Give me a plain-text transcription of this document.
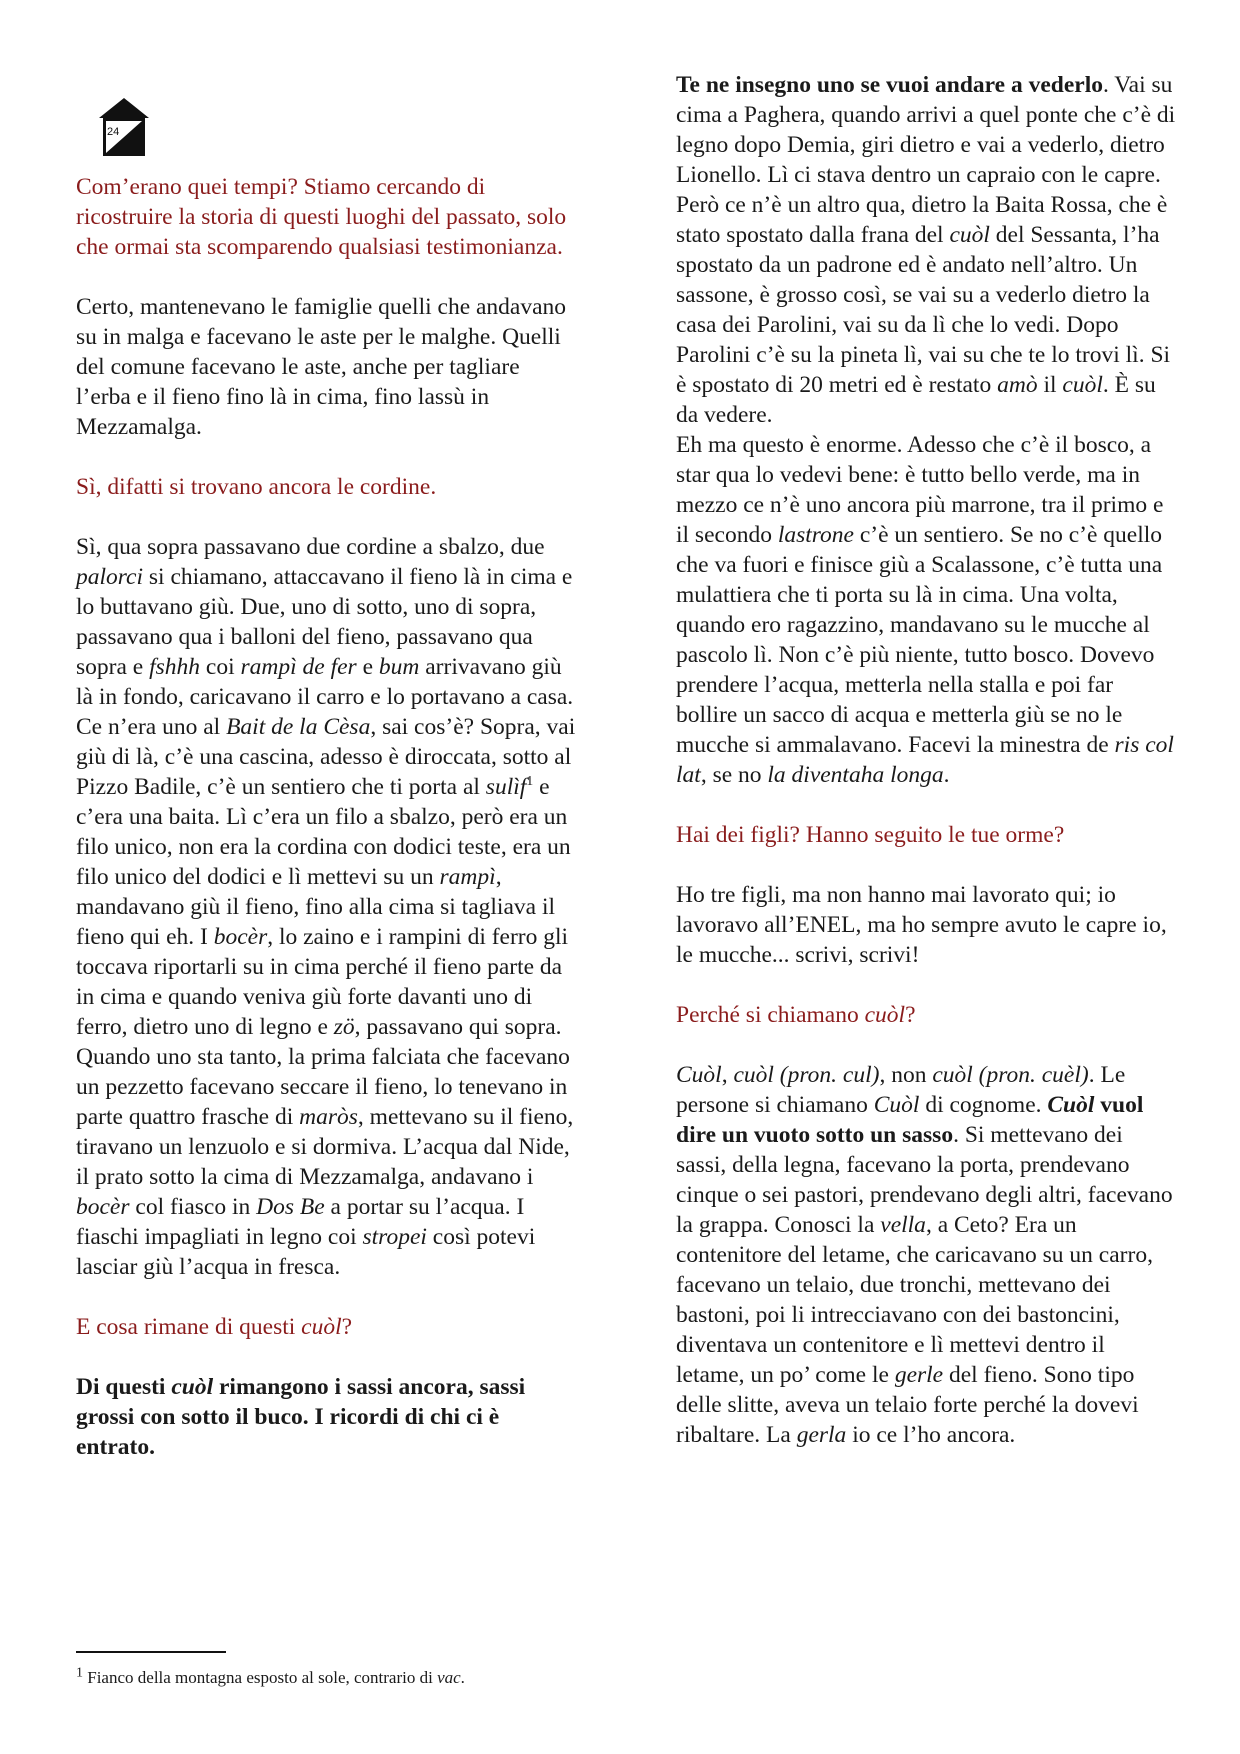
24

Com’erano quei tempi? Stiamo cercando di ricostruire la storia di questi luoghi del passato, solo che ormai sta scomparendo qualsiasi testimonianza.

Certo, mantenevano le famiglie quelli che andavano su in malga e facevano le aste per le malghe. Quelli del comune facevano le aste, anche per tagliare l’erba e il fieno fino là in cima, fino lassù in Mezzamalga.

Sì, difatti si trovano ancora le cordine.

Sì, qua sopra passavano due cordine a sbalzo, due palorci si chiamano, attaccavano il fieno là in cima e lo buttavano giù. Due, uno di sotto, uno di sopra, passavano qua i balloni del fieno, passavano qua sopra e fshhh coi rampì de fer e bum arrivavano giù là in fondo, caricavano il carro e lo portavano a casa. Ce n’era uno al Bait de la Cèsa, sai cos’è? Sopra, vai giù di là, c’è una cascina, adesso è diroccata, sotto al Pizzo Badile, c’è un sentiero che ti porta al sulìf$^1$ e c’era una baita. Lì c’era un filo a sbalzo, però era un filo unico, non era la cordina con dodici teste, era un filo unico del dodici e lì mettevi su un rampì, mandavano giù il fieno, fino alla cima si tagliava il fieno qui eh. I bocèr, lo zaino e i rampini di ferro gli toccava riportarli su in cima perché il fieno parte da in cima e quando veniva giù forte davanti uno di ferro, dietro uno di legno e zö, passavano qui sopra.

Quando uno sta tanto, la prima falciata che facevano un pezzetto facevano seccare il fieno, lo tenevano in parte quattro frasche di maròs, mettevano su il fieno, tiravano un lenzuolo e si dormiva. L’acqua dal Nide, il prato sotto la cima di Mezzamalga, andavano i bocèr col fiasco in Dos Be a portar su l’acqua. I fiaschi impagliati in legno coi stropei così potevi lasciar giù l’acqua in fresca.

E cosa rimane di questi cuòl?

Di questi cuòl rimangono i sassi ancora, sassi grossi con sotto il buco. I ricordi di chi ci è entrato.

Te ne insegno uno se vuoi andare a vederlo. Vai su cima a Paghera, quando arrivi a quel ponte che c’è di legno dopo Demia, giri dietro e vai a vederlo, dietro Lionello. Lì ci stava dentro un capraio con le capre.

Però ce n’è un altro qua, dietro la Baita Rossa, che è stato spostato dalla frana del cuòl del Sessanta, l’ha spostato da un padrone ed è andato nell’altro. Un sassone, è grosso così, se vai su a vederlo dietro la casa dei Parolini, vai su da lì che lo vedi. Dopo Parolini c’è su la pineta lì, vai su che te lo trovi lì. Si è spostato di 20 metri ed è restato amò il cuòl. È su da vedere.

Eh ma questo è enorme. Adesso che c’è il bosco, a star qua lo vedevi bene: è tutto bello verde, ma in mezzo ce n’è uno ancora più marrone, tra il primo e il secondo lastrone c’è un sentiero. Se no c’è quello che va fuori e finisce giù a Scalassone, c’è tutta una mulattiera che ti porta su là in cima. Una volta, quando ero ragazzino, mandavano su le mucche al pascolo lì. Non c’è più niente, tutto bosco. Dovevo prendere l’acqua, metterla nella stalla e poi far bollire un sacco di acqua e metterla giù se no le mucche si ammalavano. Facevi la minestra de ris col lat, se no la diventaha longa.

Hai dei figli? Hanno seguito le tue orme?

Ho tre figli, ma non hanno mai lavorato qui; io lavoravo all’ENEL, ma ho sempre avuto le capre io, le mucche... scrivi, scrivi!

Perché si chiamano cuòl?

Cuòl, cuòl (pron. cul), non cuòl (pron. cuèl). Le persone si chiamano Cuòl di cognome. Cuòl vuol dire un vuoto sotto un sasso. Si mettevano dei sassi, della legna, facevano la porta, prendevano cinque o sei pastori, prendevano degli altri, facevano la grappa. Conosci la vella, a Ceto? Era un contenitore del letame, che caricavano su un carro, facevano un telaio, due tronchi, mettevano dei bastoni, poi li intrecciavano con dei bastoncini, diventava un contenitore e lì mettevi dentro il letame, un po’ come le gerle del fieno. Sono tipo delle slitte, aveva un telaio forte perché la dovevi ribaltare. La gerla io ce l’ho ancora.

$^1$ Fianco della montagna esposto al sole, contrario di vac.
